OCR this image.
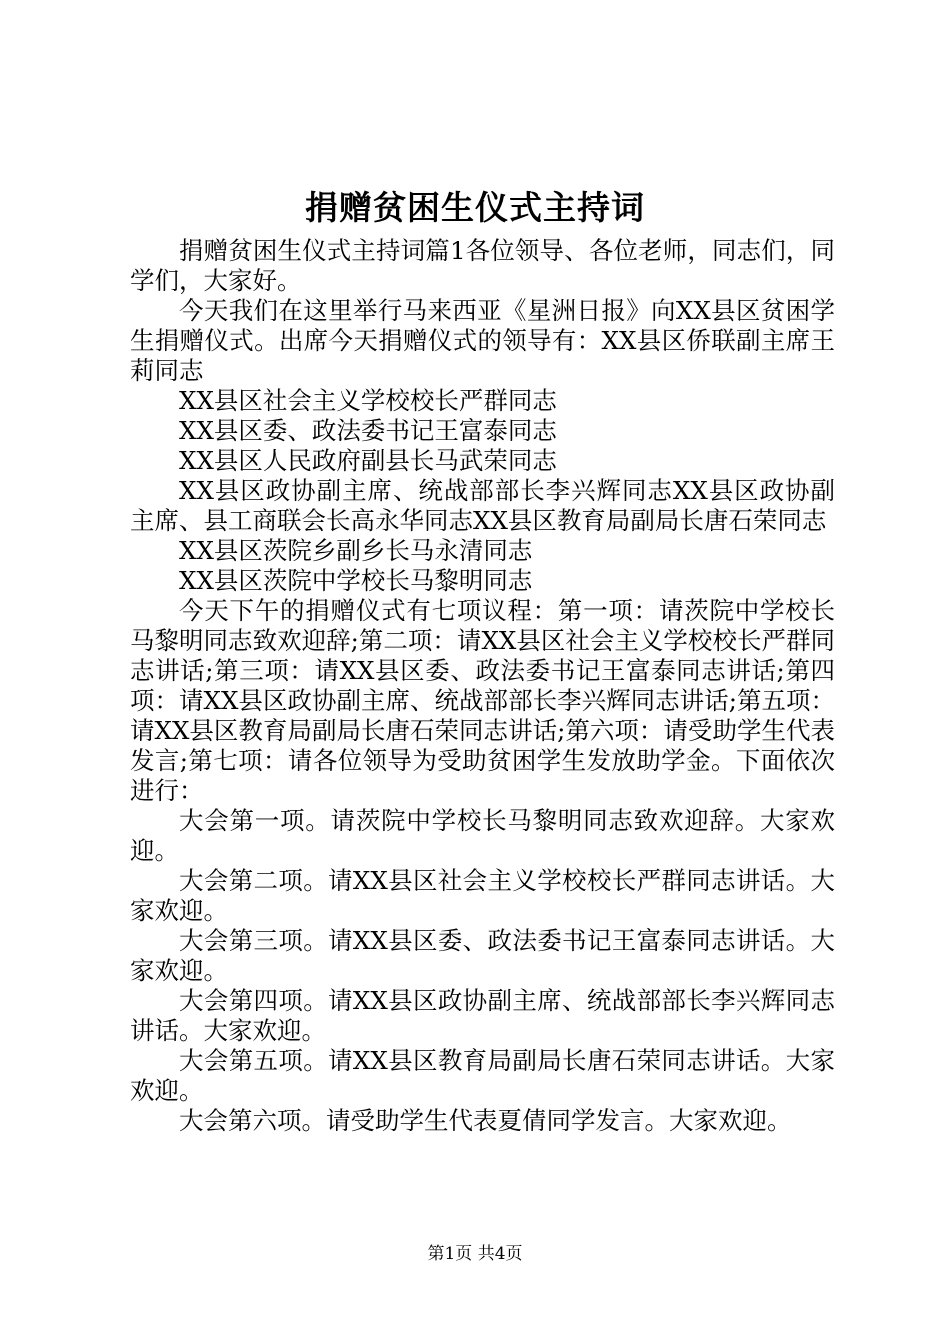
捐赠贫困生仪式主持词

捐赠贫困生仪式主持词篇1各位领导、各位老师，同志们，同学们，大家好。

今天我们在这里举行马来西亚《星洲日报》向XX县区贫困学生捐赠仪式。出席今天捐赠仪式的领导有：XX县区侨联副主席王莉同志

XX县区社会主义学校校长严群同志

XX县区委、政法委书记王富泰同志

XX县区人民政府副县长马武荣同志

XX县区政协副主席、统战部部长李兴辉同志XX县区政协副主席、县工商联会长高永华同志XX县区教育局副局长唐石荣同志

XX县区茨院乡副乡长马永清同志

XX县区茨院中学校长马黎明同志

今天下午的捐赠仪式有七项议程：第一项：请茨院中学校长马黎明同志致欢迎辞;第二项：请XX县区社会主义学校校长严群同志讲话;第三项：请XX县区委、政法委书记王富泰同志讲话;第四项：请XX县区政协副主席、统战部部长李兴辉同志讲话;第五项：请XX县区教育局副局长唐石荣同志讲话;第六项：请受助学生代表发言;第七项：请各位领导为受助贫困学生发放助学金。下面依次进行：

大会第一项。请茨院中学校长马黎明同志致欢迎辞。大家欢迎。

大会第二项。请XX县区社会主义学校校长严群同志讲话。大家欢迎。

大会第三项。请XX县区委、政法委书记王富泰同志讲话。大家欢迎。

大会第四项。请XX县区政协副主席、统战部部长李兴辉同志讲话。大家欢迎。

大会第五项。请XX县区教育局副局长唐石荣同志讲话。大家欢迎。

大会第六项。请受助学生代表夏倩同学发言。大家欢迎。

第1页 共4页
